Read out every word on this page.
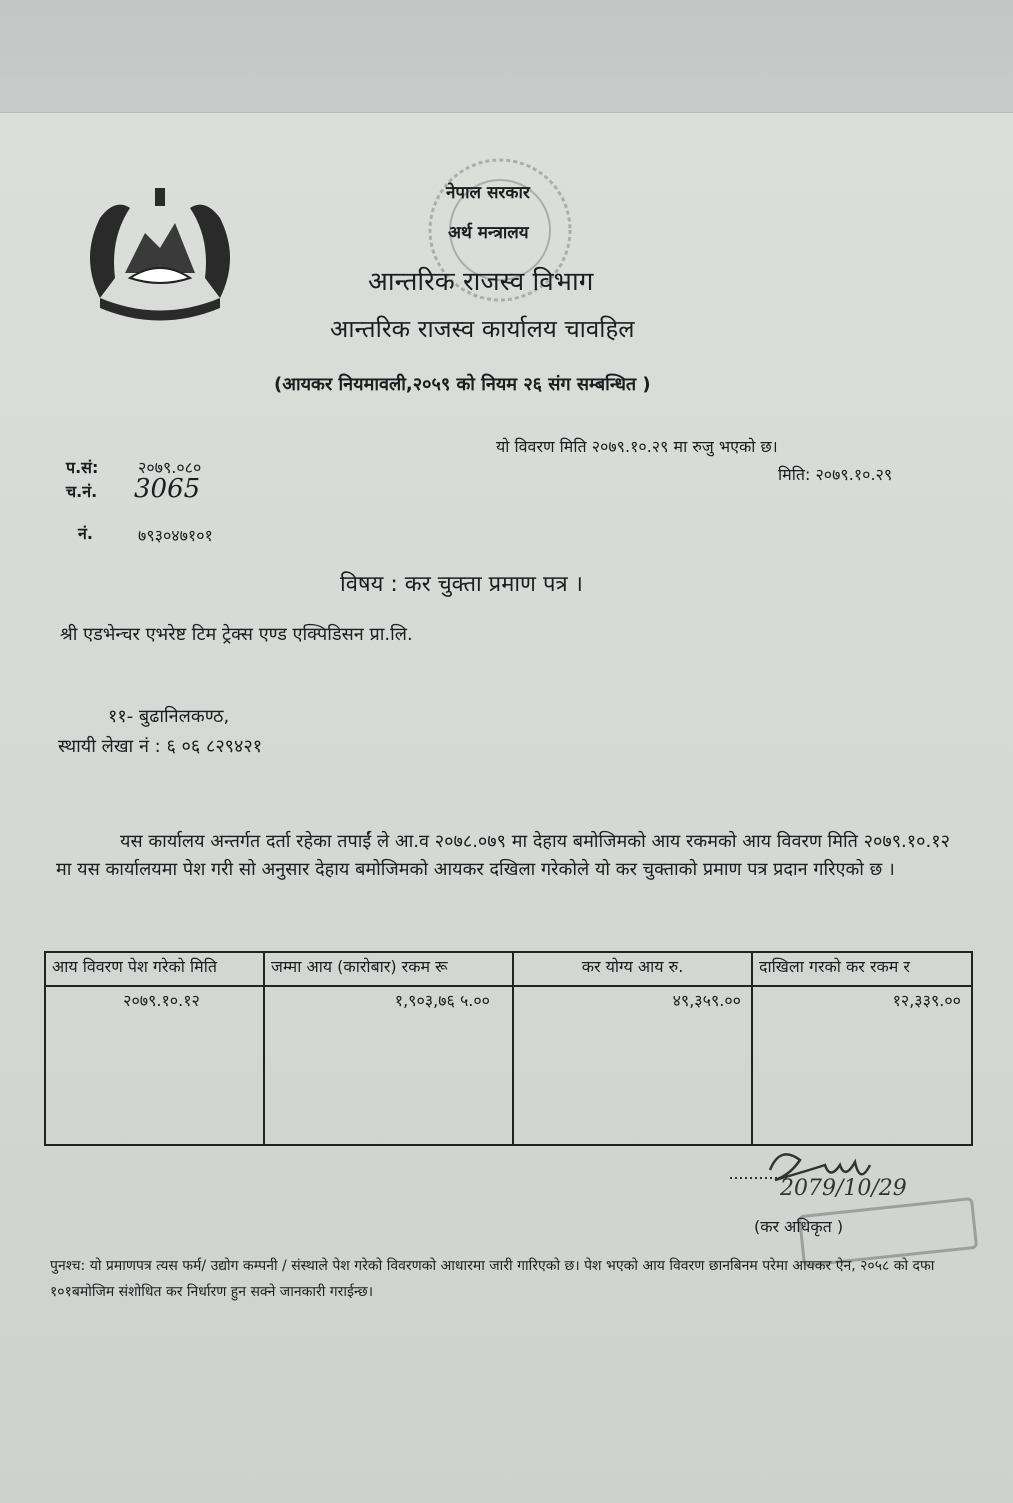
नेपाल सरकार
अर्थ मन्त्रालय
आन्तरिक राजस्व विभाग
आन्तरिक राजस्व कार्यालय चावहिल
(आयकर नियमावली,२०५९ को नियम २६ संग सम्बन्धित )
यो विवरण मिति २०७९.१०.२९ मा रुजु भएको छ।
मिति: २०७९.१०.२९
प.सं: २०७९.०८०
च.नं. 3065
नं.	७९३०४७१०१
विषय : कर चुक्ता प्रमाण पत्र ।
श्री एडभेन्चर एभरेष्ट टिम ट्रेक्स एण्ड एक्पिडिसन प्रा.लि.
११- बुढानिलकण्ठ,
स्थायी लेखा नं : ६ ०६ ८२९४२१
यस कार्यालय अन्तर्गत दर्ता रहेका तपाईं ले आ.व २०७८.०७९ मा देहाय बमोजिमको आय रकमको आय विवरण मिति २०७९.१०.१२ मा यस कार्यालयमा पेश गरी सो अनुसार देहाय बमोजिमको आयकर दखिला गरेकोले यो कर चुक्ताको प्रमाण पत्र प्रदान गरिएको छ ।
आय विवरण पेश गरेको मिति	जम्मा आय (कारोबार) रकम रू	कर योग्य आय रु.	दाखिला गरको कर रकम र
२०७९.१०.१२	१,९०३,७६ ५.००	४९,३५९.००	१२,३३९.००
2079/10/29
(कर अधिकृत )
पुनश्च: यो प्रमाणपत्र त्यस फर्म/ उद्योग कम्पनी / संस्थाले पेश गरेको विवरणको आधारमा जारी गारिएको छ। पेश भएको आय विवरण छानबिनम परेमा आयकर ऐन, २०५८ को दफा १०१बमोजिम संशोधित कर निर्धारण हुन सक्ने जानकारी गराईन्छ।
